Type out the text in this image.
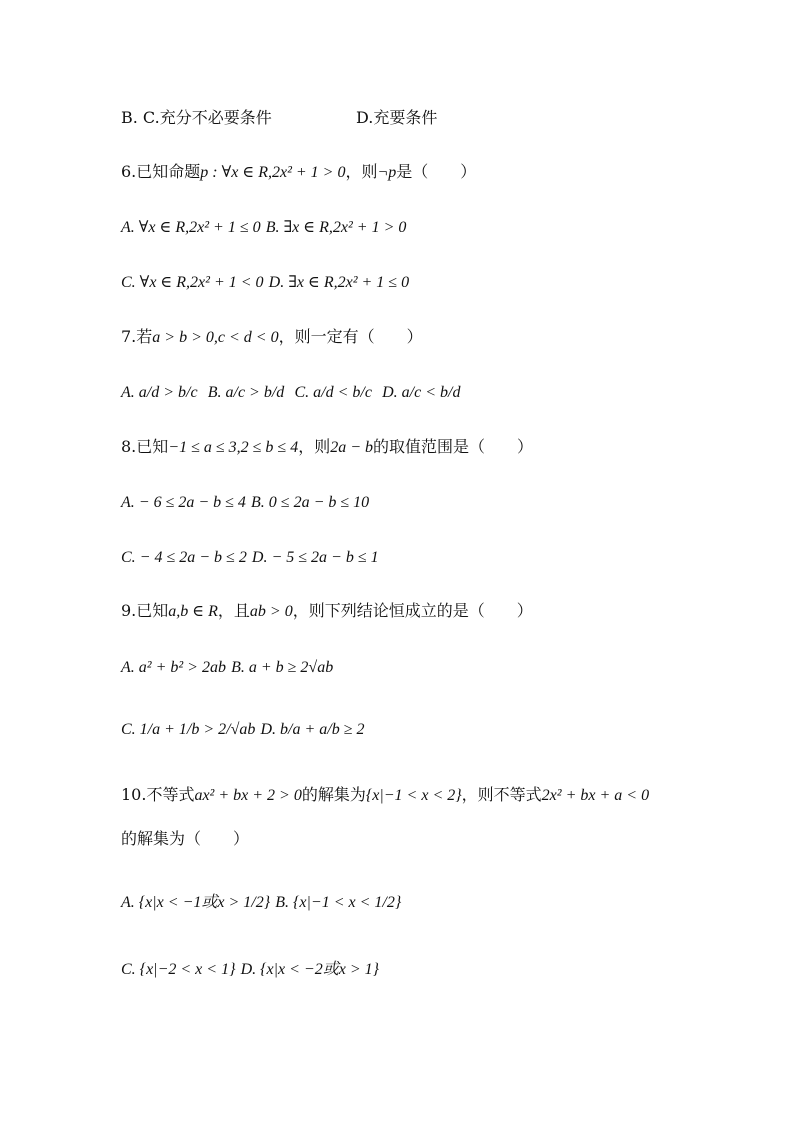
B. C.充分不必要条件	D.充要条件
6.已知命题p : ∀x ∈ R,2x² + 1 > 0，则¬p是（　　）
A. ∀x ∈ R,2x² + 1 ≤ 0 B. ∃x ∈ R,2x² + 1 > 0
C. ∀x ∈ R,2x² + 1 < 0 D. ∃x ∈ R,2x² + 1 ≤ 0
7.若a > b > 0,c < d < 0，则一定有（　　）
A. a/d > b/c B. a/c > b/d C. a/d < b/c D. a/c < b/d
8.已知−1 ≤ a ≤ 3,2 ≤ b ≤ 4，则2a − b的取值范围是（　　）
A. − 6 ≤ 2a − b ≤ 4 B. 0 ≤ 2a − b ≤ 10
C. − 4 ≤ 2a − b ≤ 2 D. − 5 ≤ 2a − b ≤ 1
9.已知a,b ∈ R，且ab > 0，则下列结论恒成立的是（　　）
A. a² + b² > 2ab B. a + b ≥ 2√ab
C. 1/a + 1/b > 2/√ab D. b/a + a/b ≥ 2
10.不等式ax² + bx + 2 > 0的解集为{x|−1 < x < 2}，则不等式2x² + bx + a < 0
的解集为（　　）
A. {x|x < −1或x > 1/2} B. {x|−1 < x < 1/2}
C. {x|−2 < x < 1} D. {x|x < −2或x > 1}
